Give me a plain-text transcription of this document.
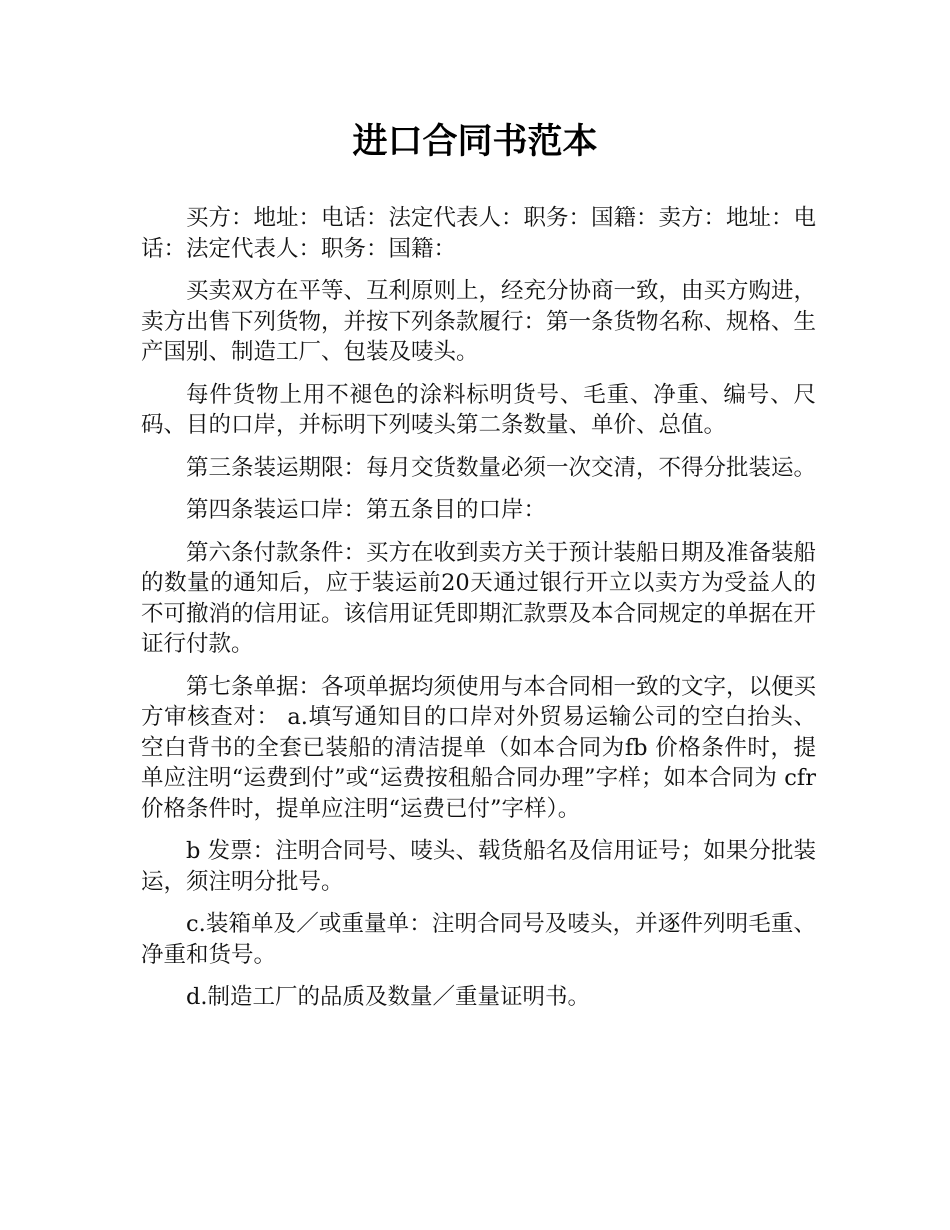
进口合同书范本

买方：地址：电话：法定代表人：职务：国籍：卖方：地址：电话：法定代表人：职务：国籍：

买卖双方在平等、互利原则上，经充分协商一致，由买方购进，卖方出售下列货物，并按下列条款履行：第一条货物名称、规格、生产国别、制造工厂、包装及唛头。

每件货物上用不褪色的涂料标明货号、毛重、净重、编号、尺码、目的口岸，并标明下列唛头第二条数量、单价、总值。

第三条装运期限：每月交货数量必须一次交清，不得分批装运。

第四条装运口岸：第五条目的口岸：

第六条付款条件：买方在收到卖方关于预计装船日期及准备装船的数量的通知后，应于装运前20天通过银行开立以卖方为受益人的不可撤消的信用证。该信用证凭即期汇款票及本合同规定的单据在开证行付款。

第七条单据：各项单据均须使用与本合同相一致的文字，以便买方审核查对： a.填写通知目的口岸对外贸易运输公司的空白抬头、空白背书的全套已装船的清洁提单（如本合同为fb 价格条件时，提单应注明“运费到付”或“运费按租船合同办理”字样；如本合同为 cfr 价格条件时，提单应注明“运费已付”字样）。

b 发票：注明合同号、唛头、载货船名及信用证号；如果分批装运，须注明分批号。

c.装箱单及／或重量单：注明合同号及唛头，并逐件列明毛重、净重和货号。

d.制造工厂的品质及数量／重量证明书。
